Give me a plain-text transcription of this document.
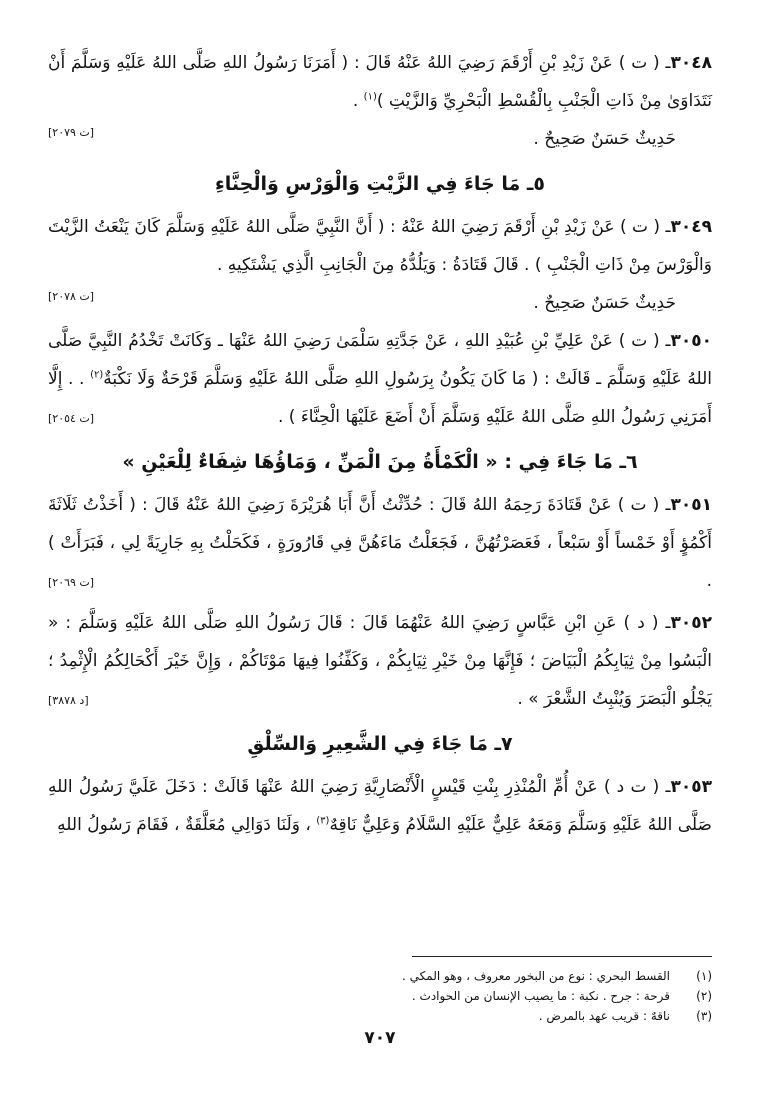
٣٠٤٨ـ ( ت ) عَنْ زَيْدِ بْنِ أَرْقَمَ رَضِيَ اللهُ عَنْهُ قَالَ : ( أَمَرَنَا رَسُولُ اللهِ صَلَّى اللهُ عَلَيْهِ وَسَلَّمَ أَنْ نَتَدَاوَىٰ مِنْ ذَاتِ الْجَنْبِ بِالْقُسْطِ الْبَحْرِيِّ وَالزَّيْتِ )$^{(١)}$ .

حَدِيثٌ حَسَنٌ صَحِيحٌ .
[ت ٢٠٧٩]
٥ـ مَا جَاءَ فِي الزَّيْتِ وَالْوَرْسِ وَالْحِنَّاءِ

٣٠٤٩ـ ( ت ) عَنْ زَيْدِ بْنِ أَرْقَمَ رَضِيَ اللهُ عَنْهُ : ( أَنَّ النَّبِيَّ صَلَّى اللهُ عَلَيْهِ وَسَلَّمَ كَانَ يَنْعَتُ الزَّيْتَ وَالْوَرْسَ مِنْ ذَاتِ الْجَنْبِ ) . قَالَ قَتَادَةُ : وَيَلُدُّهُ مِنَ الْجَانِبِ الَّذِي يَشْتَكِيهِ .

حَدِيثٌ حَسَنٌ صَحِيحٌ .
[ت ٢٠٧٨]

٣٠٥٠ـ ( ت ) عَنْ عَلِيِّ بْنِ عُبَيْدِ اللهِ ، عَنْ جَدَّتِهِ سَلْمَىٰ رَضِيَ اللهُ عَنْهَا ـ وَكَانَتْ تَخْدُمُ النَّبِيَّ صَلَّى اللهُ عَلَيْهِ وَسَلَّمَ ـ قَالَتْ : ( مَا كَانَ يَكُونُ بِرَسُولِ اللهِ صَلَّى اللهُ عَلَيْهِ وَسَلَّمَ قَرْحَةٌ وَلَا نَكْبَةٌ$^{(٢)}$ . . إِلَّا أَمَرَنِي رَسُولُ اللهِ صَلَّى اللهُ عَلَيْهِ وَسَلَّمَ أَنْ أَضَعَ عَلَيْهَا الْحِنَّاءَ ) .

[ت ٢٠٥٤]
٦ـ مَا جَاءَ فِي : « الْكَمْأَةُ مِنَ الْمَنِّ ، وَمَاؤُهَا شِفَاءٌ لِلْعَيْنِ »

٣٠٥١ـ ( ت ) عَنْ قَتَادَةَ رَحِمَهُ اللهُ قَالَ : حُدِّثْتُ أَنَّ أَبَا هُرَيْرَةَ رَضِيَ اللهُ عَنْهُ قَالَ : ( أَخَذْتُ ثَلَاثَةَ أَكْمُؤٍ أَوْ خَمْساً أَوْ سَبْعاً ، فَعَصَرْتُهُنَّ ، فَجَعَلْتُ مَاءَهُنَّ فِي قَارُورَةٍ ، فَكَحَلْتُ بِهِ جَارِيَةً لِي ، فَبَرَأَتْ ) .

[ت ٢٠٦٩]

٣٠٥٢ـ ( د ) عَنِ ابْنِ عَبَّاسٍ رَضِيَ اللهُ عَنْهُمَا قَالَ : قَالَ رَسُولُ اللهِ صَلَّى اللهُ عَلَيْهِ وَسَلَّمَ : « الْبَسُوا مِنْ ثِيَابِكُمُ الْبَيَاضَ ؛ فَإِنَّهَا مِنْ خَيْرِ ثِيَابِكُمْ ، وَكَفِّنُوا فِيهَا مَوْتَاكُمْ ، وَإِنَّ خَيْرَ أَكْحَالِكُمُ الْإِثْمِدُ ؛ يَجْلُو الْبَصَرَ وَيُنْبِتُ الشَّعْرَ » .

[د ٣٨٧٨]
٧ـ مَا جَاءَ فِي الشَّعِيرِ وَالسِّلْقِ

٣٠٥٣ـ ( ت د ) عَنْ أُمِّ الْمُنْذِرِ بِنْتِ قَيْسٍ الْأَنْصَارِيَّةِ رَضِيَ اللهُ عَنْهَا قَالَتْ : دَخَلَ عَلَيَّ رَسُولُ اللهِ صَلَّى اللهُ عَلَيْهِ وَسَلَّمَ وَمَعَهُ عَلِيٌّ عَلَيْهِ السَّلَامُ وَعَلِيٌّ نَاقِهٌ$^{(٣)}$ ، وَلَنَا دَوَالِي مُعَلَّقَةٌ ، فَقَامَ رَسُولُ اللهِ

(١)
القسط البحري : نوع من البخور معروف ، وهو المكي .
(٢)
قرحة : جرح . نكبة : ما يصيب الإنسان من الحوادث .
(٣)
ناقهٌ : قريب عهد بالمرض .
٧٠٧
